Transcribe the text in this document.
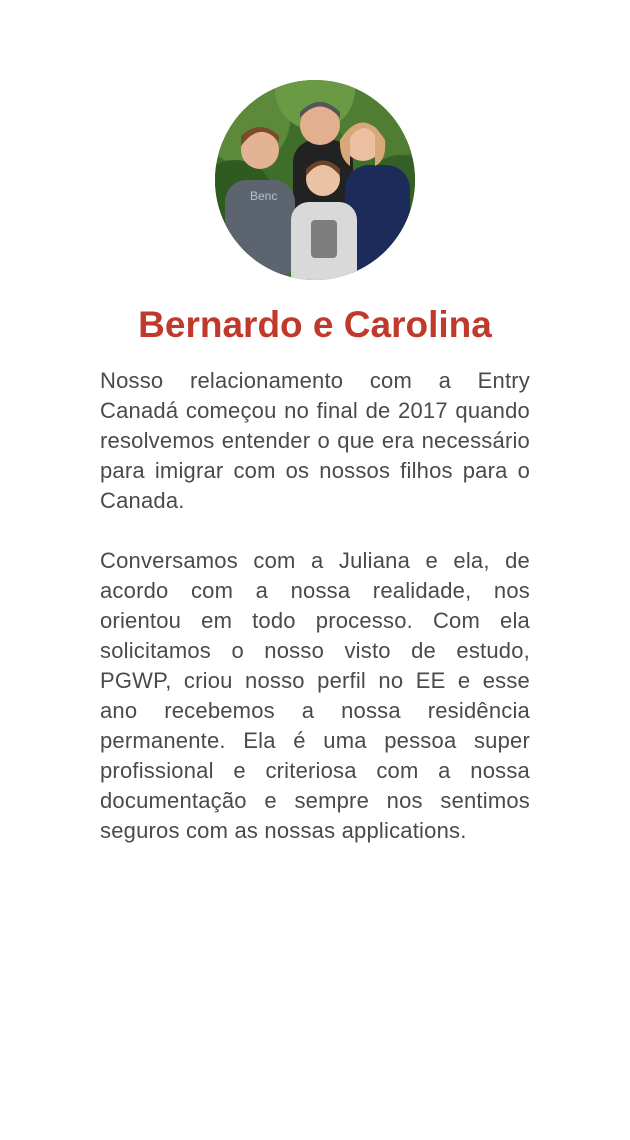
Benc
Bernardo e Carolina

Nosso relacionamento com a Entry Canadá começou no final de 2017 quando resolvemos entender o que era necessário para imigrar com os nossos filhos para o Canada.

Conversamos com a Juliana e ela, de acordo com a nossa realidade, nos orientou em todo processo. Com ela solicitamos o nosso visto de estudo, PGWP, criou nosso perfil no EE e esse ano recebemos a nossa residência permanente. Ela é uma pessoa super profissional e criteriosa com a nossa documentação e sempre nos sentimos seguros com as nossas applications.
